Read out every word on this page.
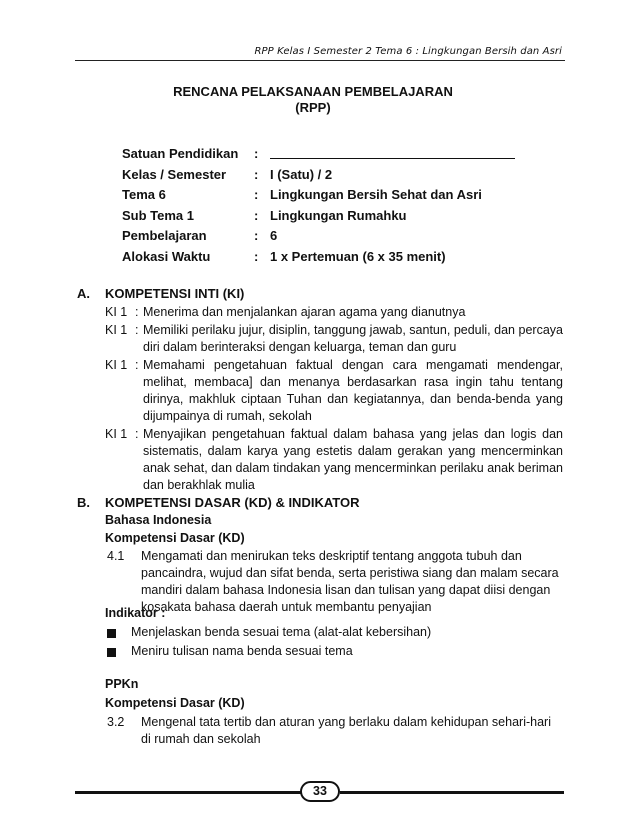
RPP Kelas I Semester 2 Tema 6 : Lingkungan Bersih dan Asri
RENCANA PELAKSANAAN PEMBELAJARAN
(RPP)
Satuan Pendidikan	:
Kelas / Semester	: I (Satu) / 2
Tema 6	: Lingkungan Bersih Sehat dan Asri
Sub Tema 1	: Lingkungan Rumahku
Pembelajaran	: 6
Alokasi Waktu	: 1 x Pertemuan (6 x 35 menit)
A. KOMPETENSI INTI (KI)
KI 1 : Menerima dan menjalankan ajaran agama yang dianutnya
KI 1 : Memiliki perilaku jujur, disiplin, tanggung jawab, santun, peduli, dan percaya diri dalam berinteraksi dengan keluarga, teman dan guru
KI 1 : Memahami pengetahuan faktual dengan cara mengamati mendengar, melihat, membaca] dan menanya berdasarkan rasa ingin tahu tentang dirinya, makhluk ciptaan Tuhan dan kegiatannya, dan benda-benda yang dijumpainya di rumah, sekolah
KI 1 : Menyajikan pengetahuan faktual dalam bahasa yang jelas dan logis dan sistematis, dalam karya yang estetis dalam gerakan yang mencerminkan anak sehat, dan dalam tindakan yang mencerminkan perilaku anak beriman dan berakhlak mulia
B. KOMPETENSI DASAR (KD) & INDIKATOR
Bahasa Indonesia
Kompetensi Dasar (KD)
4.1	Mengamati dan menirukan teks deskriptif tentang anggota tubuh dan pancaindra, wujud dan sifat benda, serta peristiwa siang dan malam secara mandiri dalam bahasa Indonesia lisan dan tulisan yang dapat diisi dengan kosakata bahasa daerah untuk membantu penyajian
Indikator :
Menjelaskan benda sesuai tema (alat-alat kebersihan)
Meniru tulisan nama benda sesuai tema
PPKn
Kompetensi Dasar (KD)
3.2	Mengenal tata tertib dan aturan yang berlaku dalam kehidupan sehari-hari di rumah dan sekolah
33
